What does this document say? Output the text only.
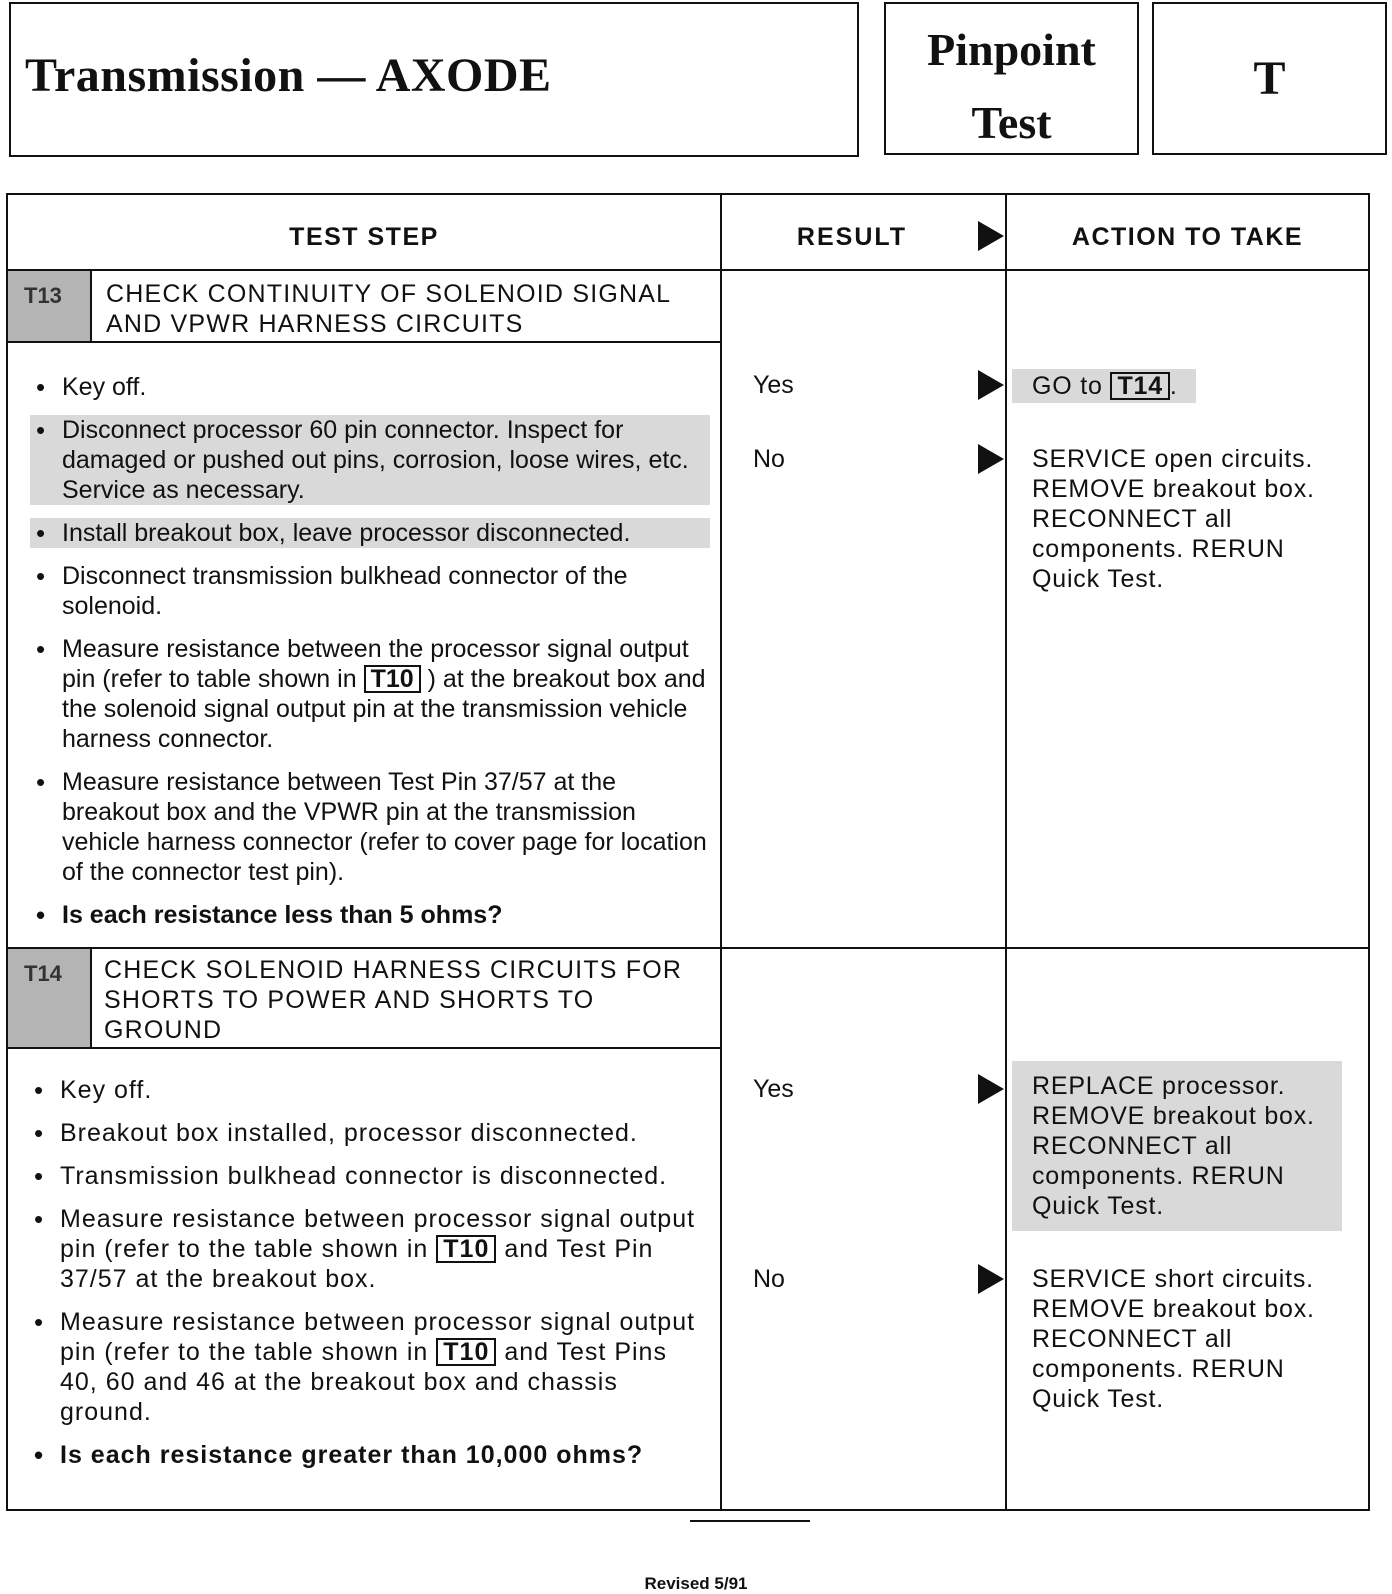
Transmission — AXODE	Pinpoint
Test
T
TEST STEP	RESULT	ACTION TO TAKE
T13	CHECK CONTINUITY OF SOLENOID SIGNAL
AND VPWR HARNESS CIRCUITS
• Key off.
• Disconnect processor 60 pin connector. Inspect for damaged or pushed out pins, corrosion, loose wires, etc. Service as necessary.
• Install breakout box, leave processor disconnected.
• Disconnect transmission bulkhead connector of the solenoid.
• Measure resistance between the processor signal output pin (refer to table shown in T10 ) at the breakout box and the solenoid signal output pin at the transmission vehicle harness connector.
• Measure resistance between Test Pin 37/57 at the breakout box and the VPWR pin at the transmission vehicle harness connector (refer to cover page for location of the connector test pin).
• Is each resistance less than 5 ohms?
Yes	GO to T14 .
No	SERVICE open circuits. REMOVE breakout box. RECONNECT all components. RERUN Quick Test.
T14	CHECK SOLENOID HARNESS CIRCUITS FOR
SHORTS TO POWER AND SHORTS TO
GROUND
• Key off.
• Breakout box installed, processor disconnected.
• Transmission bulkhead connector is disconnected.
• Measure resistance between processor signal output pin (refer to the table shown in T10 and Test Pin 37/57 at the breakout box.
• Measure resistance between processor signal output pin (refer to the table shown in T10 and Test Pins 40, 60 and 46 at the breakout box and chassis ground.
• Is each resistance greater than 10,000 ohms?
Yes	REPLACE processor. REMOVE breakout box. RECONNECT all components. RERUN Quick Test.
No	SERVICE short circuits. REMOVE breakout box. RECONNECT all components. RERUN Quick Test.
Revised 5/91
